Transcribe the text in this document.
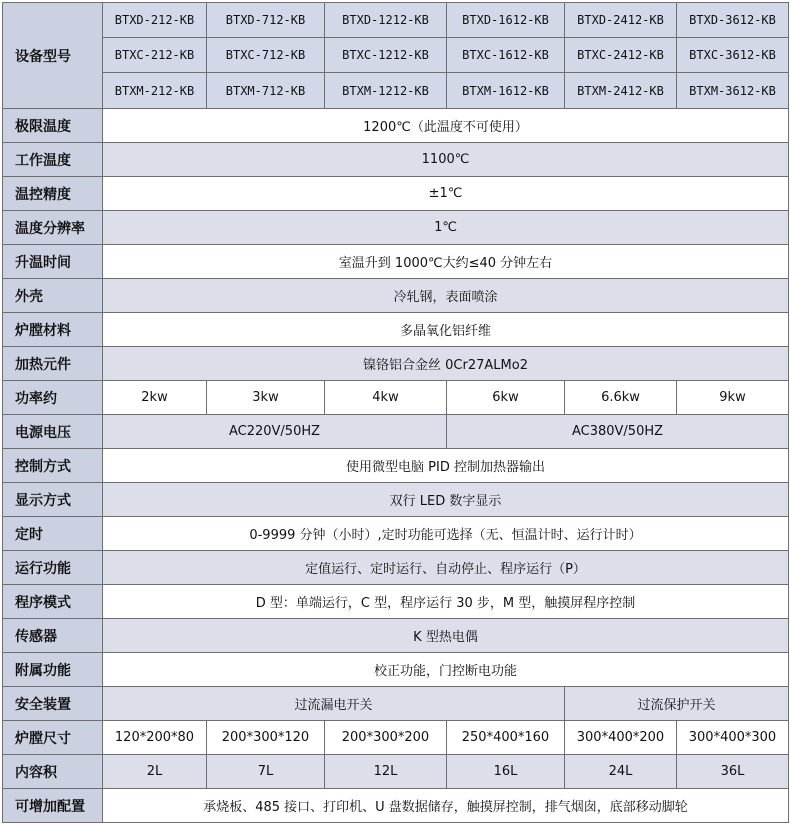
设备型号	BTXD-212-KB	BTXD-712-KB	BTXD-1212-KB	BTXD-1612-KB	BTXD-2412-KB	BTXD-3612-KB
	BTXC-212-KB	BTXC-712-KB	BTXC-1212-KB	BTXC-1612-KB	BTXC-2412-KB	BTXC-3612-KB
	BTXM-212-KB	BTXM-712-KB	BTXM-1212-KB	BTXM-1612-KB	BTXM-2412-KB	BTXM-3612-KB
极限温度	1200℃（此温度不可使用）					
工作温度	1100℃					
温控精度	±1℃					
温度分辨率	1℃					
升温时间	室温升到 1000℃大约≤40 分钟左右					
外壳	冷轧钢，表面喷涂					
炉膛材料	多晶氧化铝纤维					
加热元件	镍铬铝合金丝 0Cr27ALMo2					
功率约	2kw	3kw	4kw	6kw	6.6kw	9kw
电源电压	AC220V/50HZ			AC380V/50HZ		
控制方式	使用微型电脑 PID 控制加热器输出					
显示方式	双行 LED 数字显示					
定时	0-9999 分钟（小时）,定时功能可选择（无、恒温计时、运行计时）					
运行功能	定值运行、定时运行、自动停止、程序运行（P）					
程序模式	D 型：单端运行，C 型，程序运行 30 步，M 型，触摸屏程序控制					
传感器	K 型热电偶					
附属功能	校正功能，门控断电功能					
安全装置	过流漏电开关				过流保护开关	
炉膛尺寸	120*200*80	200*300*120	200*300*200	250*400*160	300*400*200	300*400*300
内容积	2L	7L	12L	16L	24L	36L
可增加配置	承烧板、485 接口、打印机、U 盘数据储存，触摸屏控制，排气烟囱，底部移动脚轮					
